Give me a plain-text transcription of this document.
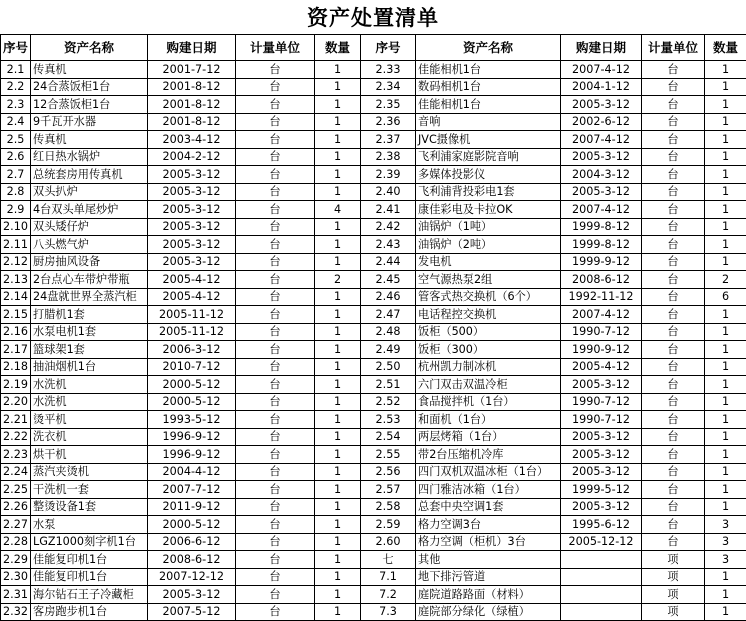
资产处置清单
序号	资产名称	购建日期	计量单位	数量	序号	资产名称	购建日期	计量单位	数量
2.1	传真机	2001-7-12	台	1	2.33	佳能相机1台	2007-4-12	台	1
2.2	24合蒸饭柜1台	2001-8-12	台	1	2.34	数码相机1台	2004-1-12	台	1
2.3	12合蒸饭柜1台	2001-8-12	台	1	2.35	佳能相机1台	2005-3-12	台	1
2.4	9千瓦开水器	2001-8-12	台	1	2.36	音响	2002-6-12	台	1
2.5	传真机	2003-4-12	台	1	2.37	JVC摄像机	2007-4-12	台	1
2.6	红日热水锅炉	2004-2-12	台	1	2.38	飞利浦家庭影院音响	2005-3-12	台	1
2.7	总统套房用传真机	2005-3-12	台	1	2.39	多媒体投影仪	2004-3-12	台	1
2.8	双头扒炉	2005-3-12	台	1	2.40	飞利浦背投彩电1套	2005-3-12	台	1
2.9	4台双头单尾炒炉	2005-3-12	台	4	2.41	康佳彩电及卡拉OK	2007-4-12	台	1
2.10	双头矮仔炉	2005-3-12	台	1	2.42	油锅炉（1吨）	1999-8-12	台	1
2.11	八头燃气炉	2005-3-12	台	1	2.43	油锅炉（2吨）	1999-8-12	台	1
2.12	厨房抽风设备	2005-3-12	台	1	2.44	发电机	1999-9-12	台	1
2.13	2台点心车带炉带瓶	2005-4-12	台	2	2.45	空气源热泵2组	2008-6-12	台	2
2.14	24盘就世界全蒸汽柜	2005-4-12	台	1	2.46	管客式热交换机（6个）	1992-11-12	台	6
2.15	打腊机1套	2005-11-12	台	1	2.47	电话程控交换机	2007-4-12	台	1
2.16	水泵电机1套	2005-11-12	台	1	2.48	饭柜（500）	1990-7-12	台	1
2.17	篮球架1套	2006-3-12	台	1	2.49	饭柜（300）	1990-9-12	台	1
2.18	抽油烟机1台	2010-7-12	台	1	2.50	杭州凯力制冰机	2005-4-12	台	1
2.19	水洗机	2000-5-12	台	1	2.51	六门双击双温冷柜	2005-3-12	台	1
2.20	水洗机	2000-5-12	台	1	2.52	食品搅拌机（1台）	1990-7-12	台	1
2.21	烫平机	1993-5-12	台	1	2.53	和面机（1台）	1990-7-12	台	1
2.22	洗衣机	1996-9-12	台	1	2.54	两层烤箱（1台）	2005-3-12	台	1
2.23	烘干机	1996-9-12	台	1	2.55	带2台压缩机冷库	2005-3-12	台	1
2.24	蒸汽夹烫机	2004-4-12	台	1	2.56	四门双机双温冰柜（1台）	2005-3-12	台	1
2.25	干洗机一套	2007-7-12	台	1	2.57	四门雅洁冰箱（1台）	1999-5-12	台	1
2.26	整烫设备1套	2011-9-12	台	1	2.58	总套中央空调1套	2005-3-12	台	1
2.27	水泵	2000-5-12	台	1	2.59	格力空调3台	1995-6-12	台	3
2.28	LGZ1000刻字机1台	2006-6-12	台	1	2.60	格力空调（柜机）3台	2005-12-12	台	3
2.29	佳能复印机1台	2008-6-12	台	1	七	其他		项	3
2.30	佳能复印机1台	2007-12-12	台	1	7.1	地下排污管道		项	1
2.31	海尔钻石王子冷藏柜	2005-3-12	台	1	7.2	庭院道路路面（材料）		项	1
2.32	客房跑步机1台	2007-5-12	台	1	7.3	庭院部分绿化（绿植）		项	1
